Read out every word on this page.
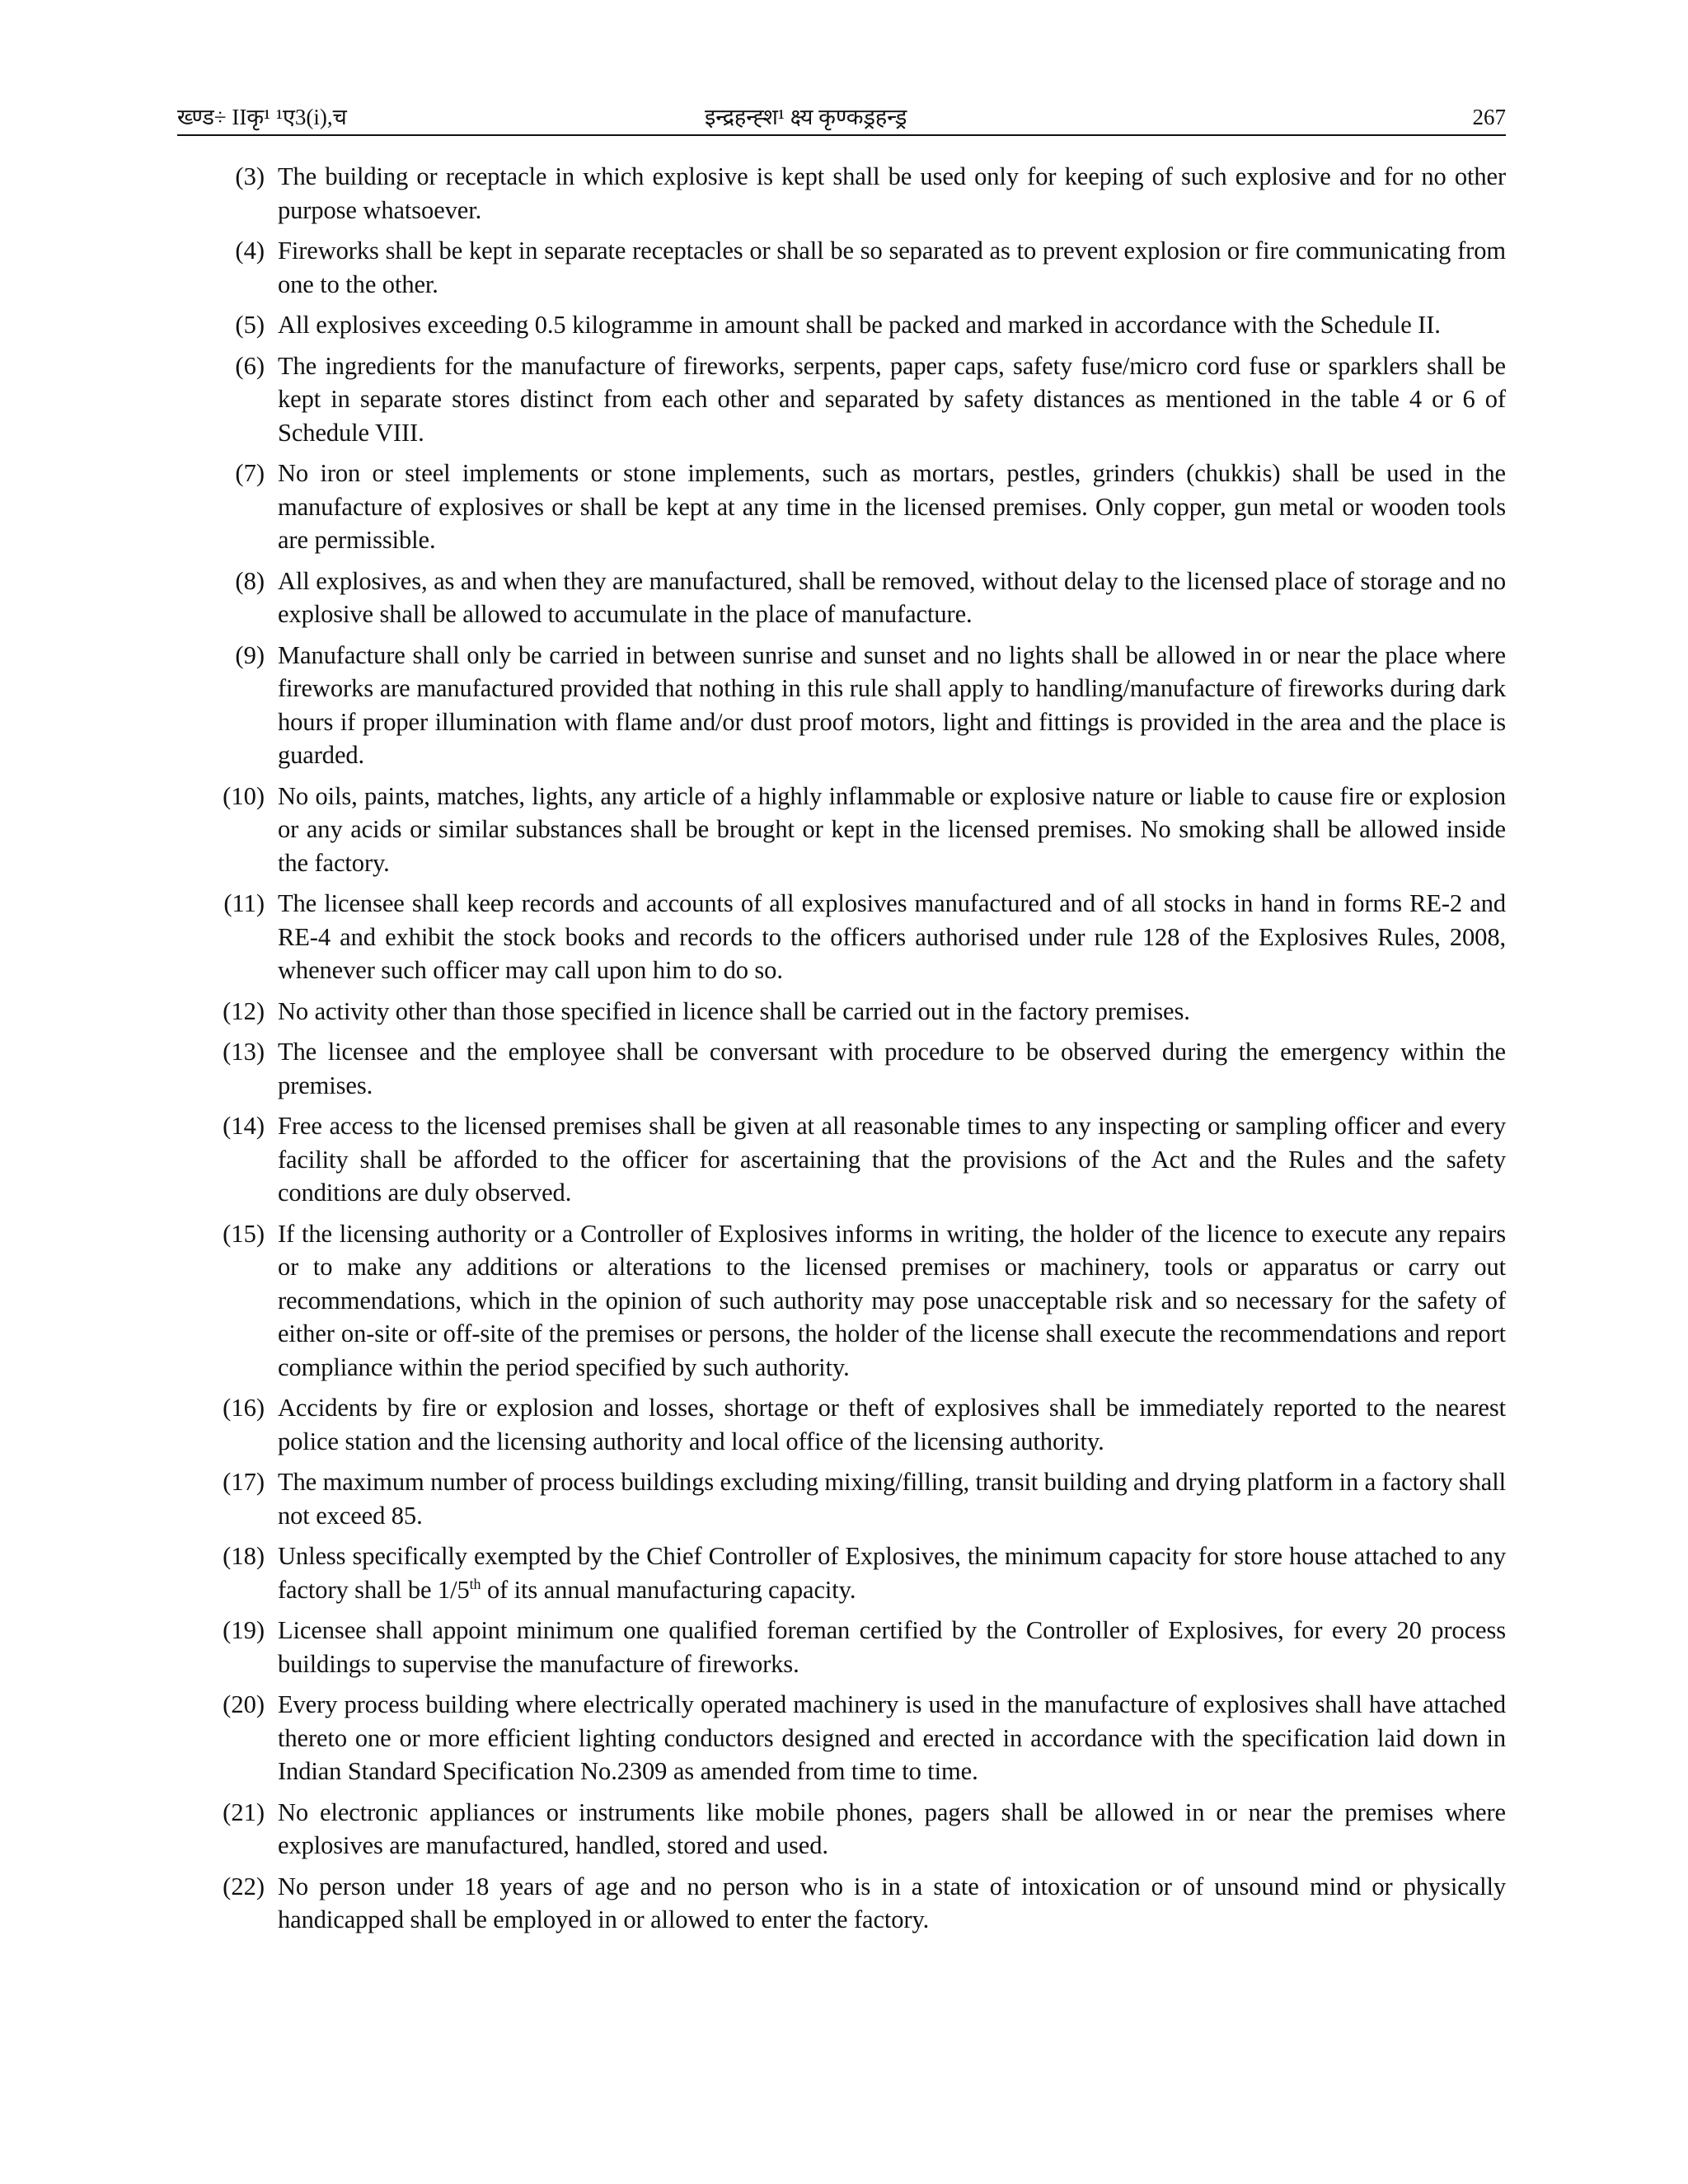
ख्ण्ड÷ IIकृ¹ ¹ए3(i),च	इन्द्रहन्ह्श¹ क्ष्य कृण्कड्रहन्ड्र	267
(3) The building or receptacle in which explosive is kept shall be used only for keeping of such explosive and for no other purpose whatsoever.
(4) Fireworks shall be kept in separate receptacles or shall be so separated as to prevent explosion or fire communicating from one to the other.
(5) All explosives exceeding 0.5 kilogramme in amount shall be packed and marked in accordance with the Schedule II.
(6) The ingredients for the manufacture of fireworks, serpents, paper caps, safety fuse/micro cord fuse or sparklers shall be kept in separate stores distinct from each other and separated by safety distances as mentioned in the table 4 or 6 of Schedule VIII.
(7) No iron or steel implements or stone implements, such as mortars, pestles, grinders (chukkis) shall be used in the manufacture of explosives or shall be kept at any time in the licensed premises. Only copper, gun metal or wooden tools are permissible.
(8) All explosives, as and when they are manufactured, shall be removed, without delay to the licensed place of storage and no explosive shall be allowed to accumulate in the place of manufacture.
(9) Manufacture shall only be carried in between sunrise and sunset and no lights shall be allowed in or near the place where fireworks are manufactured provided that nothing in this rule shall apply to handling/manufacture of fireworks during dark hours if proper illumination with flame and/or dust proof motors, light and fittings is provided in the area and the place is guarded.
(10) No oils, paints, matches, lights, any article of a highly inflammable or explosive nature or liable to cause fire or explosion or any acids or similar substances shall be brought or kept in the licensed premises. No smoking shall be allowed inside the factory.
(11) The licensee shall keep records and accounts of all explosives manufactured and of all stocks in hand in forms RE-2 and RE-4 and exhibit the stock books and records to the officers authorised under rule 128 of the Explosives Rules, 2008, whenever such officer may call upon him to do so.
(12) No activity other than those specified in licence shall be carried out in the factory premises.
(13) The licensee and the employee shall be conversant with procedure to be observed during the emergency within the premises.
(14) Free access to the licensed premises shall be given at all reasonable times to any inspecting or sampling officer and every facility shall be afforded to the officer for ascertaining that the provisions of the Act and the Rules and the safety conditions are duly observed.
(15) If the licensing authority or a Controller of Explosives informs in writing, the holder of the licence to execute any repairs or to make any additions or alterations to the licensed premises or machinery, tools or apparatus or carry out recommendations, which in the opinion of such authority may pose unacceptable risk and so necessary for the safety of either on-site or off-site of the premises or persons, the holder of the license shall execute the recommendations and report compliance within the period specified by such authority.
(16) Accidents by fire or explosion and losses, shortage or theft of explosives shall be immediately reported to the nearest police station and the licensing authority and local office of the licensing authority.
(17) The maximum number of process buildings excluding mixing/filling, transit building and drying platform in a factory shall not exceed 85.
(18) Unless specifically exempted by the Chief Controller of Explosives, the minimum capacity for store house attached to any factory shall be 1/5th of its annual manufacturing capacity.
(19) Licensee shall appoint minimum one qualified foreman certified by the Controller of Explosives, for every 20 process buildings to supervise the manufacture of fireworks.
(20) Every process building where electrically operated machinery is used in the manufacture of explosives shall have attached thereto one or more efficient lighting conductors designed and erected in accordance with the specification laid down in Indian Standard Specification No.2309 as amended from time to time.
(21) No electronic appliances or instruments like mobile phones, pagers shall be allowed in or near the premises where explosives are manufactured, handled, stored and used.
(22) No person under 18 years of age and no person who is in a state of intoxication or of unsound mind or physically handicapped shall be employed in or allowed to enter the factory.
